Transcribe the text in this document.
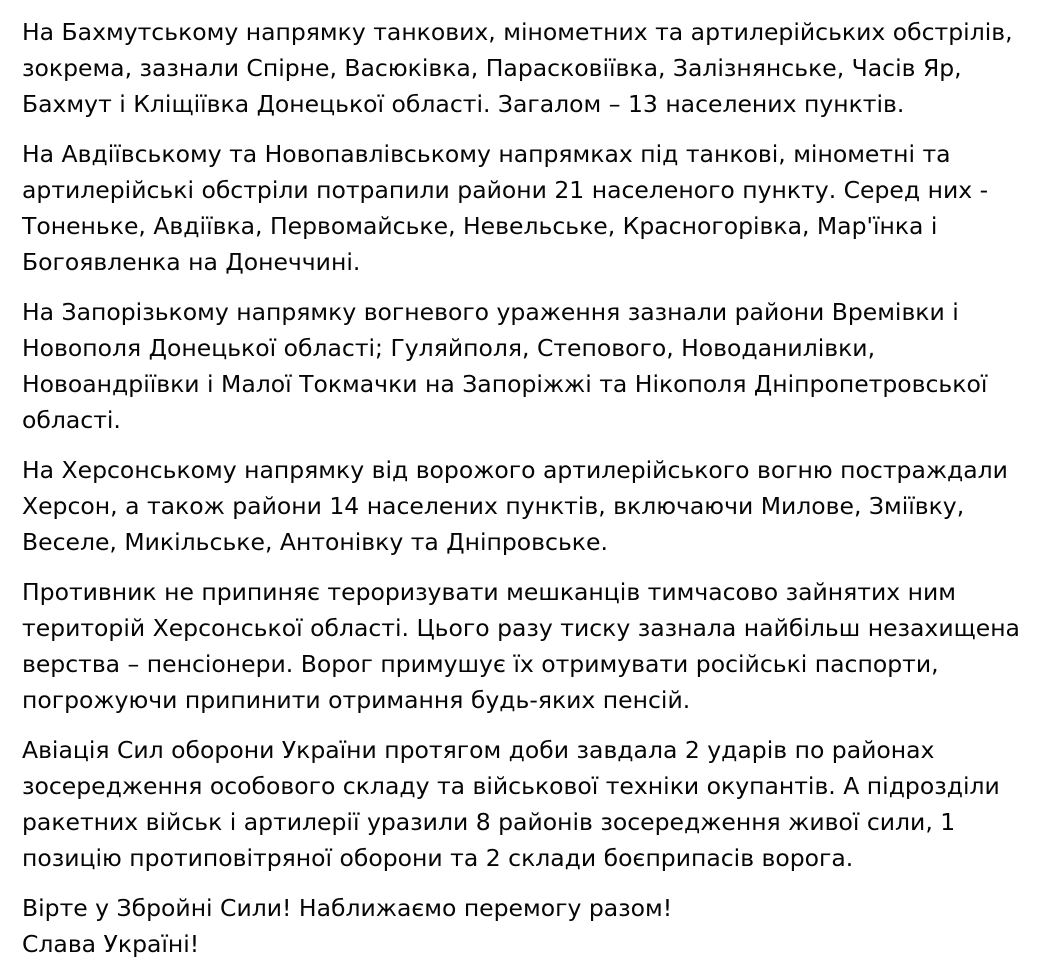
На Бахмутському напрямку танкових, мінометних та артилерійських обстрілів,
зокрема, зазнали Спірне, Васюківка, Парасковіївка, Залізнянське, Часів Яр,
Бахмут і Кліщіївка Донецької області. Загалом – 13 населених пунктів.

На Авдіївському та Новопавлівському напрямках під танкові, мінометні та
артилерійські обстріли потрапили райони 21 населеного пункту. Серед них -
Тоненьке, Авдіївка, Первомайське, Невельське, Красногорівка, Мар'їнка і
Богоявленка на Донеччині.

На Запорізькому напрямку вогневого ураження зазнали райони Времівки і
Новополя Донецької області; Гуляйполя, Степового, Новоданилівки,
Новоандріївки і Малої Токмачки на Запоріжжі та Нікополя Дніпропетровської
області.

На Херсонському напрямку від ворожого артилерійського вогню постраждали
Херсон, а також райони 14 населених пунктів, включаючи Милове, Зміївку,
Веселе, Микільське, Антонівку та Дніпровське.

Противник не припиняє тероризувати мешканців тимчасово зайнятих ним
територій Херсонської області. Цього разу тиску зазнала найбільш незахищена
верства – пенсіонери. Ворог примушує їх отримувати російські паспорти,
погрожуючи припинити отримання будь-яких пенсій.

Авіація Сил оборони України протягом доби завдала 2 ударів по районах
зосередження особового складу та військової техніки окупантів. А підрозділи
ракетних військ і артилерії уразили 8 районів зосередження живої сили, 1
позицію протиповітряної оборони та 2 склади боєприпасів ворога.

Вірте у Збройні Сили! Наближаємо перемогу разом!
Слава Україні!
